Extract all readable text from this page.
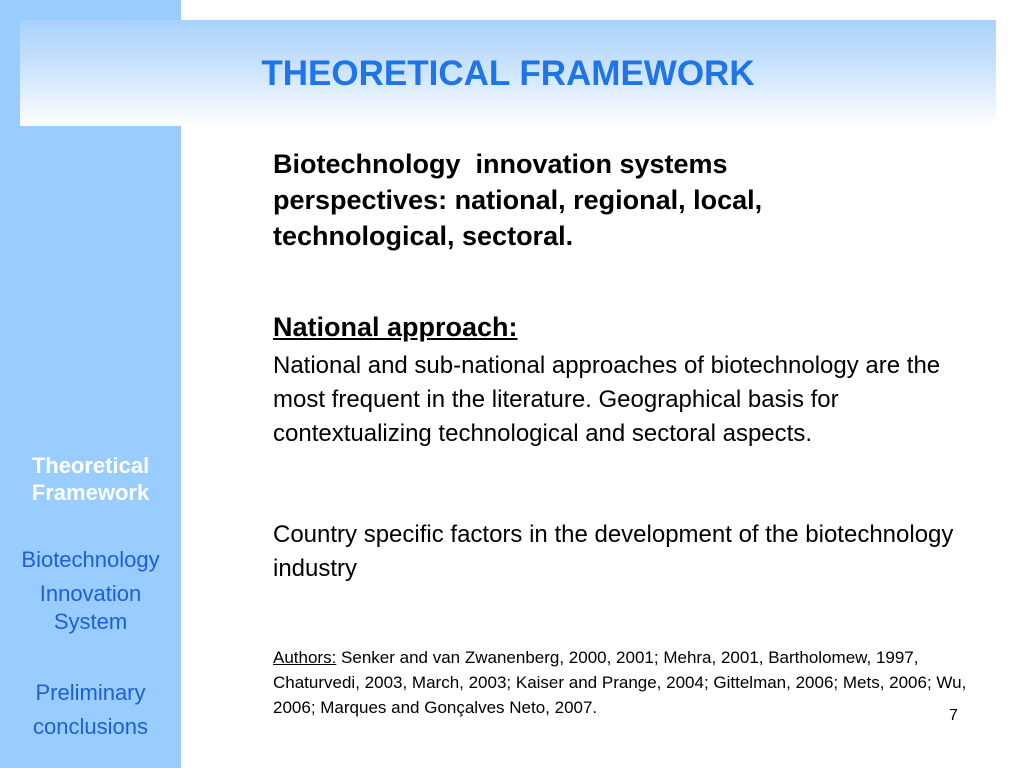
THEORETICAL FRAMEWORK
Theoretical
Framework
Biotechnology
Innovation
System
Preliminary
conclusions
Biotechnology  innovation systems
perspectives: national, regional, local,
technological, sectoral.
National approach:
National and sub-national approaches of biotechnology are the most frequent in the literature. Geographical basis for contextualizing technological and sectoral aspects.
Country specific factors in the development of the biotechnology industry
Authors: Senker and van Zwanenberg, 2000, 2001; Mehra, 2001, Bartholomew, 1997, Chaturvedi, 2003, March, 2003; Kaiser and Prange, 2004; Gittelman, 2006; Mets, 2006; Wu, 2006; Marques and Gonçalves Neto, 2007.	7
